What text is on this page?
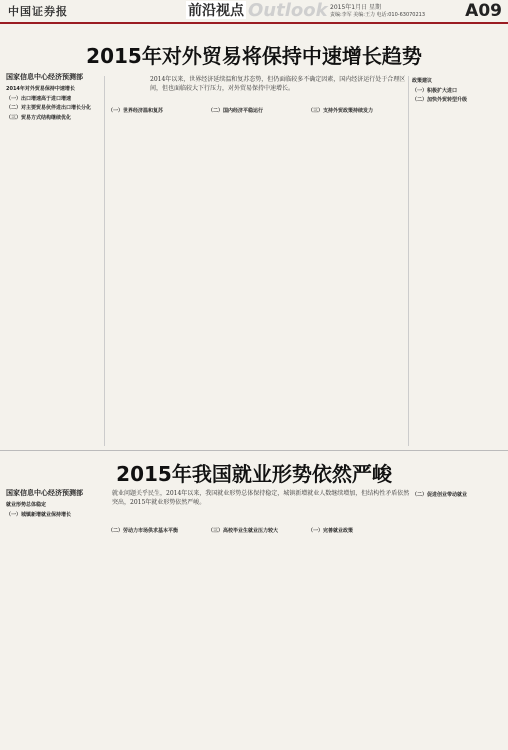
中国证券报	前沿视点 Outlook 2015年1月日 星期
责编:李军 美编:王力 电话:010-63070213 A09
2015年对外贸易将保持中速增长趋势
国家信息中心经济预测部	2014年以来，世界经济延续温和复苏态势，但仍面临较多不确定因素，国内经济运行处于合理区间，但也面临较大下行压力，对外贸易保持中速增长。
2014年对外贸易保持中速增长
（一）出口增速高于进口增速
（二）对主要贸易伙伴进出口增长分化
（三）贸易方式结构继续优化
（一）世界经济温和复苏	（二）国内经济平稳运行	（三）支持外贸政策持续发力
政策建议
（一）积极扩大进口
（二）加快外贸转型升级
2015年我国就业形势依然严峻
国家信息中心经济预测部	就业问题关乎民生，2014年以来，我国就业形势总体保持稳定，城镇新增就业人数继续增加，但结构性矛盾依然突出，2015年就业形势依然严峻。
就业形势总体稳定
（一）城镇新增就业保持增长
（二）劳动力市场供求基本平衡	（三）高校毕业生就业压力较大	（一）完善就业政策
（二）促进创业带动就业
